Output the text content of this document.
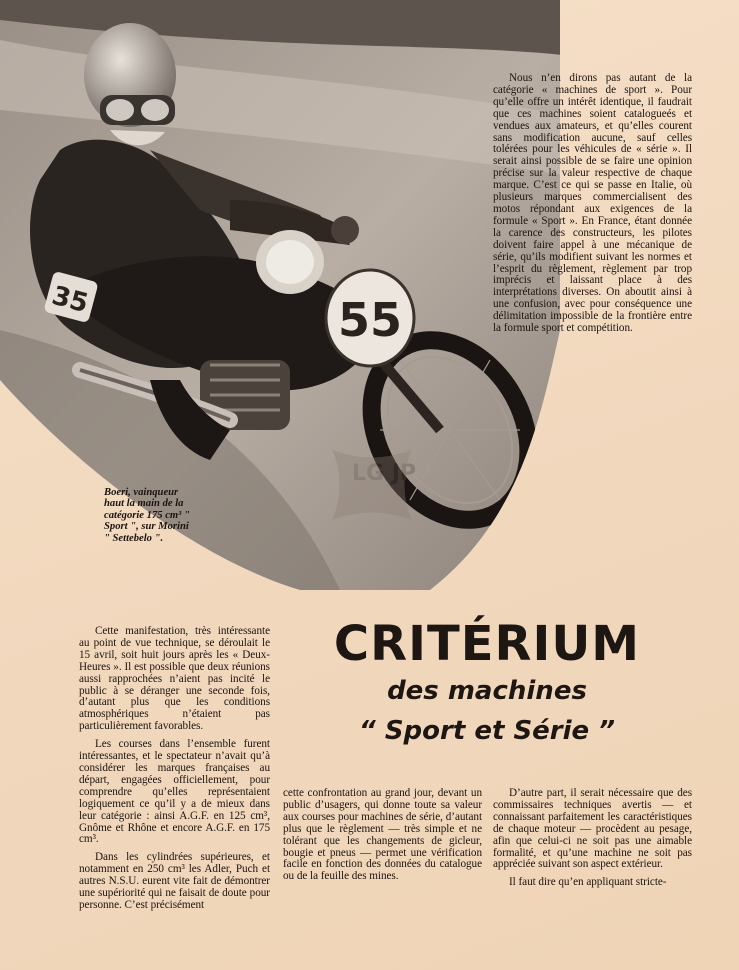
55
35
LG JP
Boeri, vainqueur haut la main de la catégorie 175 cm³ " Sport ", sur Morini " Settebelo ".

Nous n’en dirons pas autant de la catégorie « machines de sport ». Pour qu’elle offre un intérêt identique, il faudrait que ces machines soient catalogueés et vendues aux amateurs, et qu’elles courent sans modification aucune, sauf celles tolérées pour les véhicules de « série ». Il serait ainsi possible de se faire une opinion précise sur la valeur respective de chaque marque. C’est ce qui se passe en Italie, où plusieurs marques commercialisent des motos répondant aux exigences de la formule « Sport ». En France, étant donnée la carence des constructeurs, les pilotes doivent faire appel à une mécanique de série, qu’ils modifient suivant les normes et l’esprit du règlement, règlement par trop imprécis et laissant place à des interprétations diverses. On aboutit ainsi à une confusion, avec pour conséquence une délimitation impossible de la frontière entre la formule sport et compétition.

CRITÉRIUM
des machines
“ Sport et Série ”

Cette manifestation, très intéressante au point de vue technique, se déroulait le 15 avril, soit huit jours après les « Deux-Heures ». Il est possible que deux réunions aussi rapprochées n’aient pas incité le public à se déranger une seconde fois, d’autant plus que les conditions atmosphériques n’étaient pas particulièrement favorables.

Les courses dans l’ensemble furent intéressantes, et le spectateur n’avait qu’à considérer les marques françaises au départ, engagées officiellement, pour comprendre qu’elles représentaient logiquement ce qu’il y a de mieux dans leur catégorie : ainsi A.G.F. en 125 cm³, Gnôme et Rhône et encore A.G.F. en 175 cm³.

Dans les cylindrées supérieures, et notamment en 250 cm³ les Adler, Puch et autres N.S.U. eurent vite fait de démontrer une supériorité qui ne faisait de doute pour personne. C’est précisément

cette confrontation au grand jour, devant un public d’usagers, qui donne toute sa valeur aux courses pour machines de série, d’autant plus que le règlement — très simple et ne tolérant que les changements de gicleur, bougie et pneus — permet une vérification facile en fonction des données du catalogue ou de la feuille des mines.

D’autre part, il serait nécessaire que des commissaires techniques avertis — et connaissant parfaitement les caractéristiques de chaque moteur — procèdent au pesage, afin que celui-ci ne soit pas une aimable formalité, et qu’une machine ne soit pas appréciée suivant son aspect extérieur.

Il faut dire qu’en appliquant stricte-
